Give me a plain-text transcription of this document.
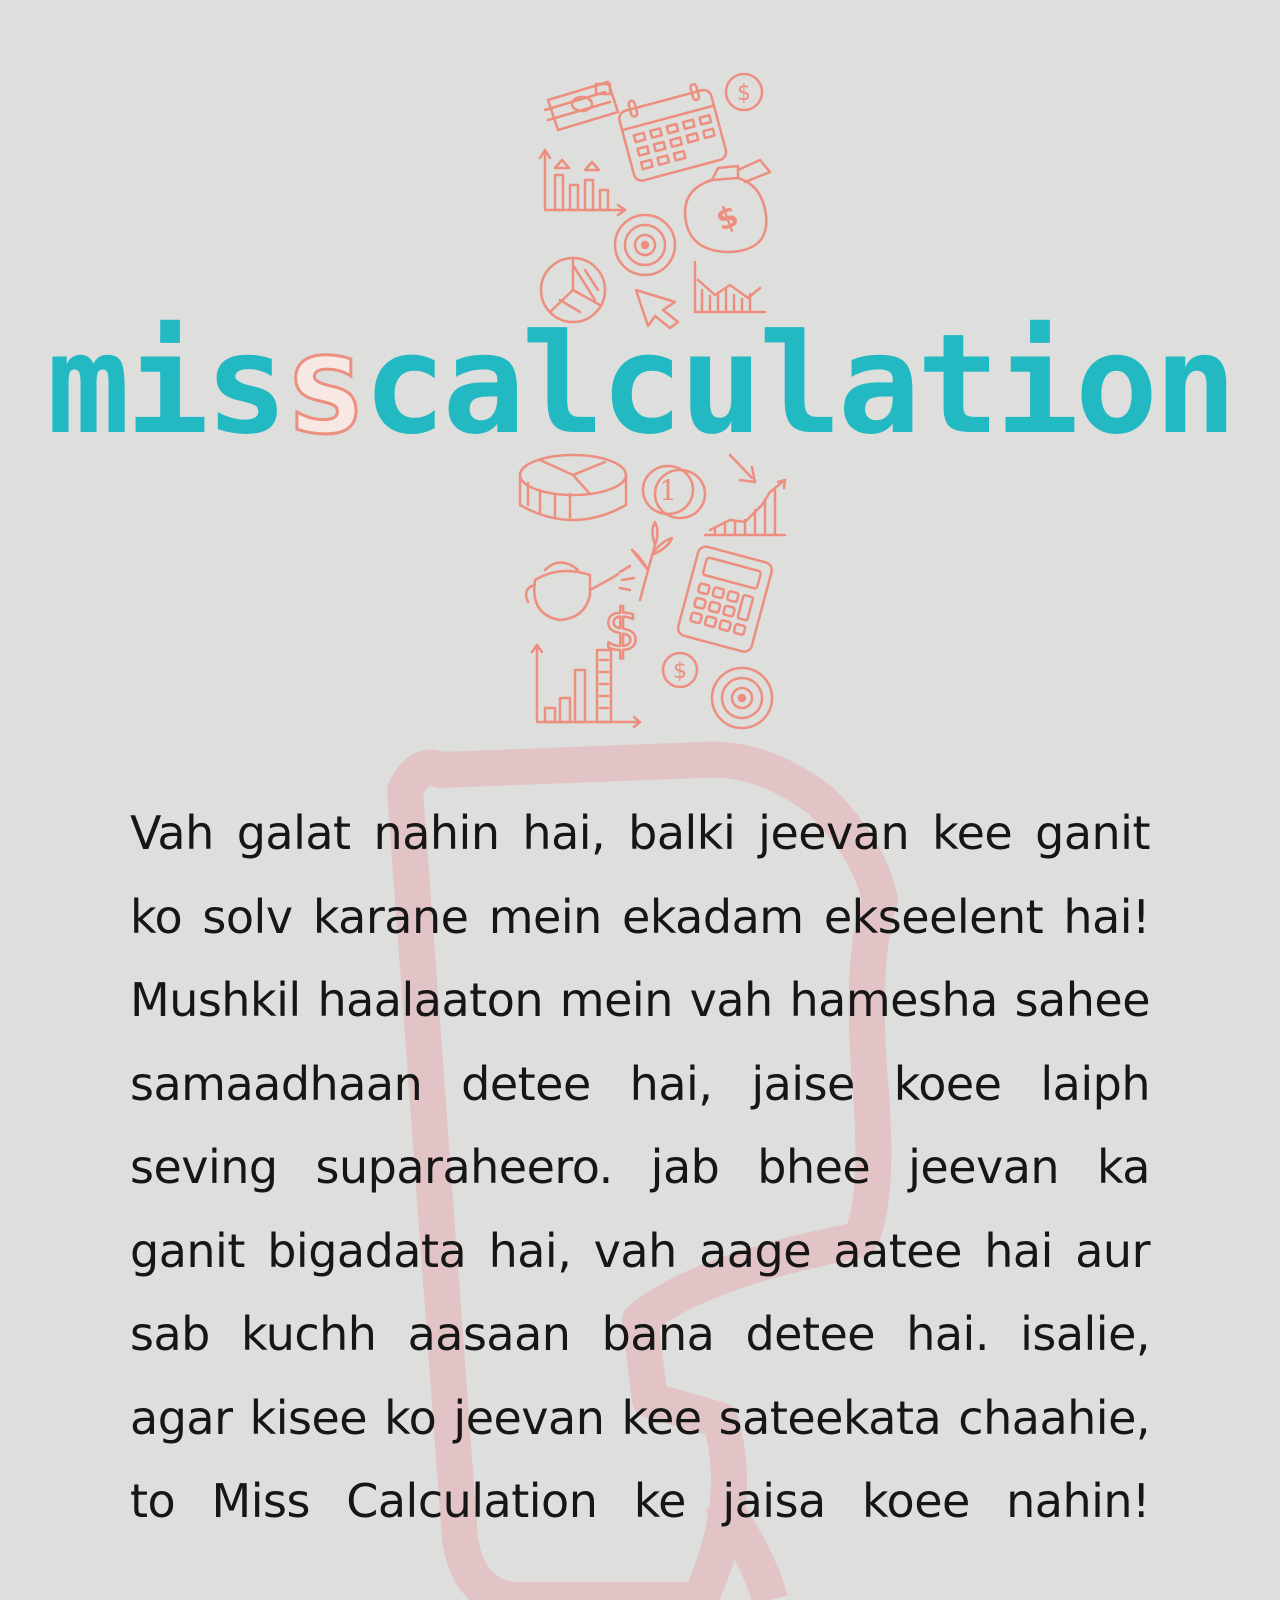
$
$
1
$
$
misscalculation
Vah galat nahin hai, balki jeevan kee ganit ko solv karane mein ekadam ekseelent hai! Mushkil haalaaton mein vah hamesha sahee samaadhaan detee hai, jaise koee laiph seving suparaheero. jab bhee jeevan ka ganit bigadata hai, vah aage aatee hai aur sab kuchh aasaan bana detee hai. isalie, agar kisee ko jeevan kee sateekata chaahie, to Miss Calculation ke jaisa koee nahin!
